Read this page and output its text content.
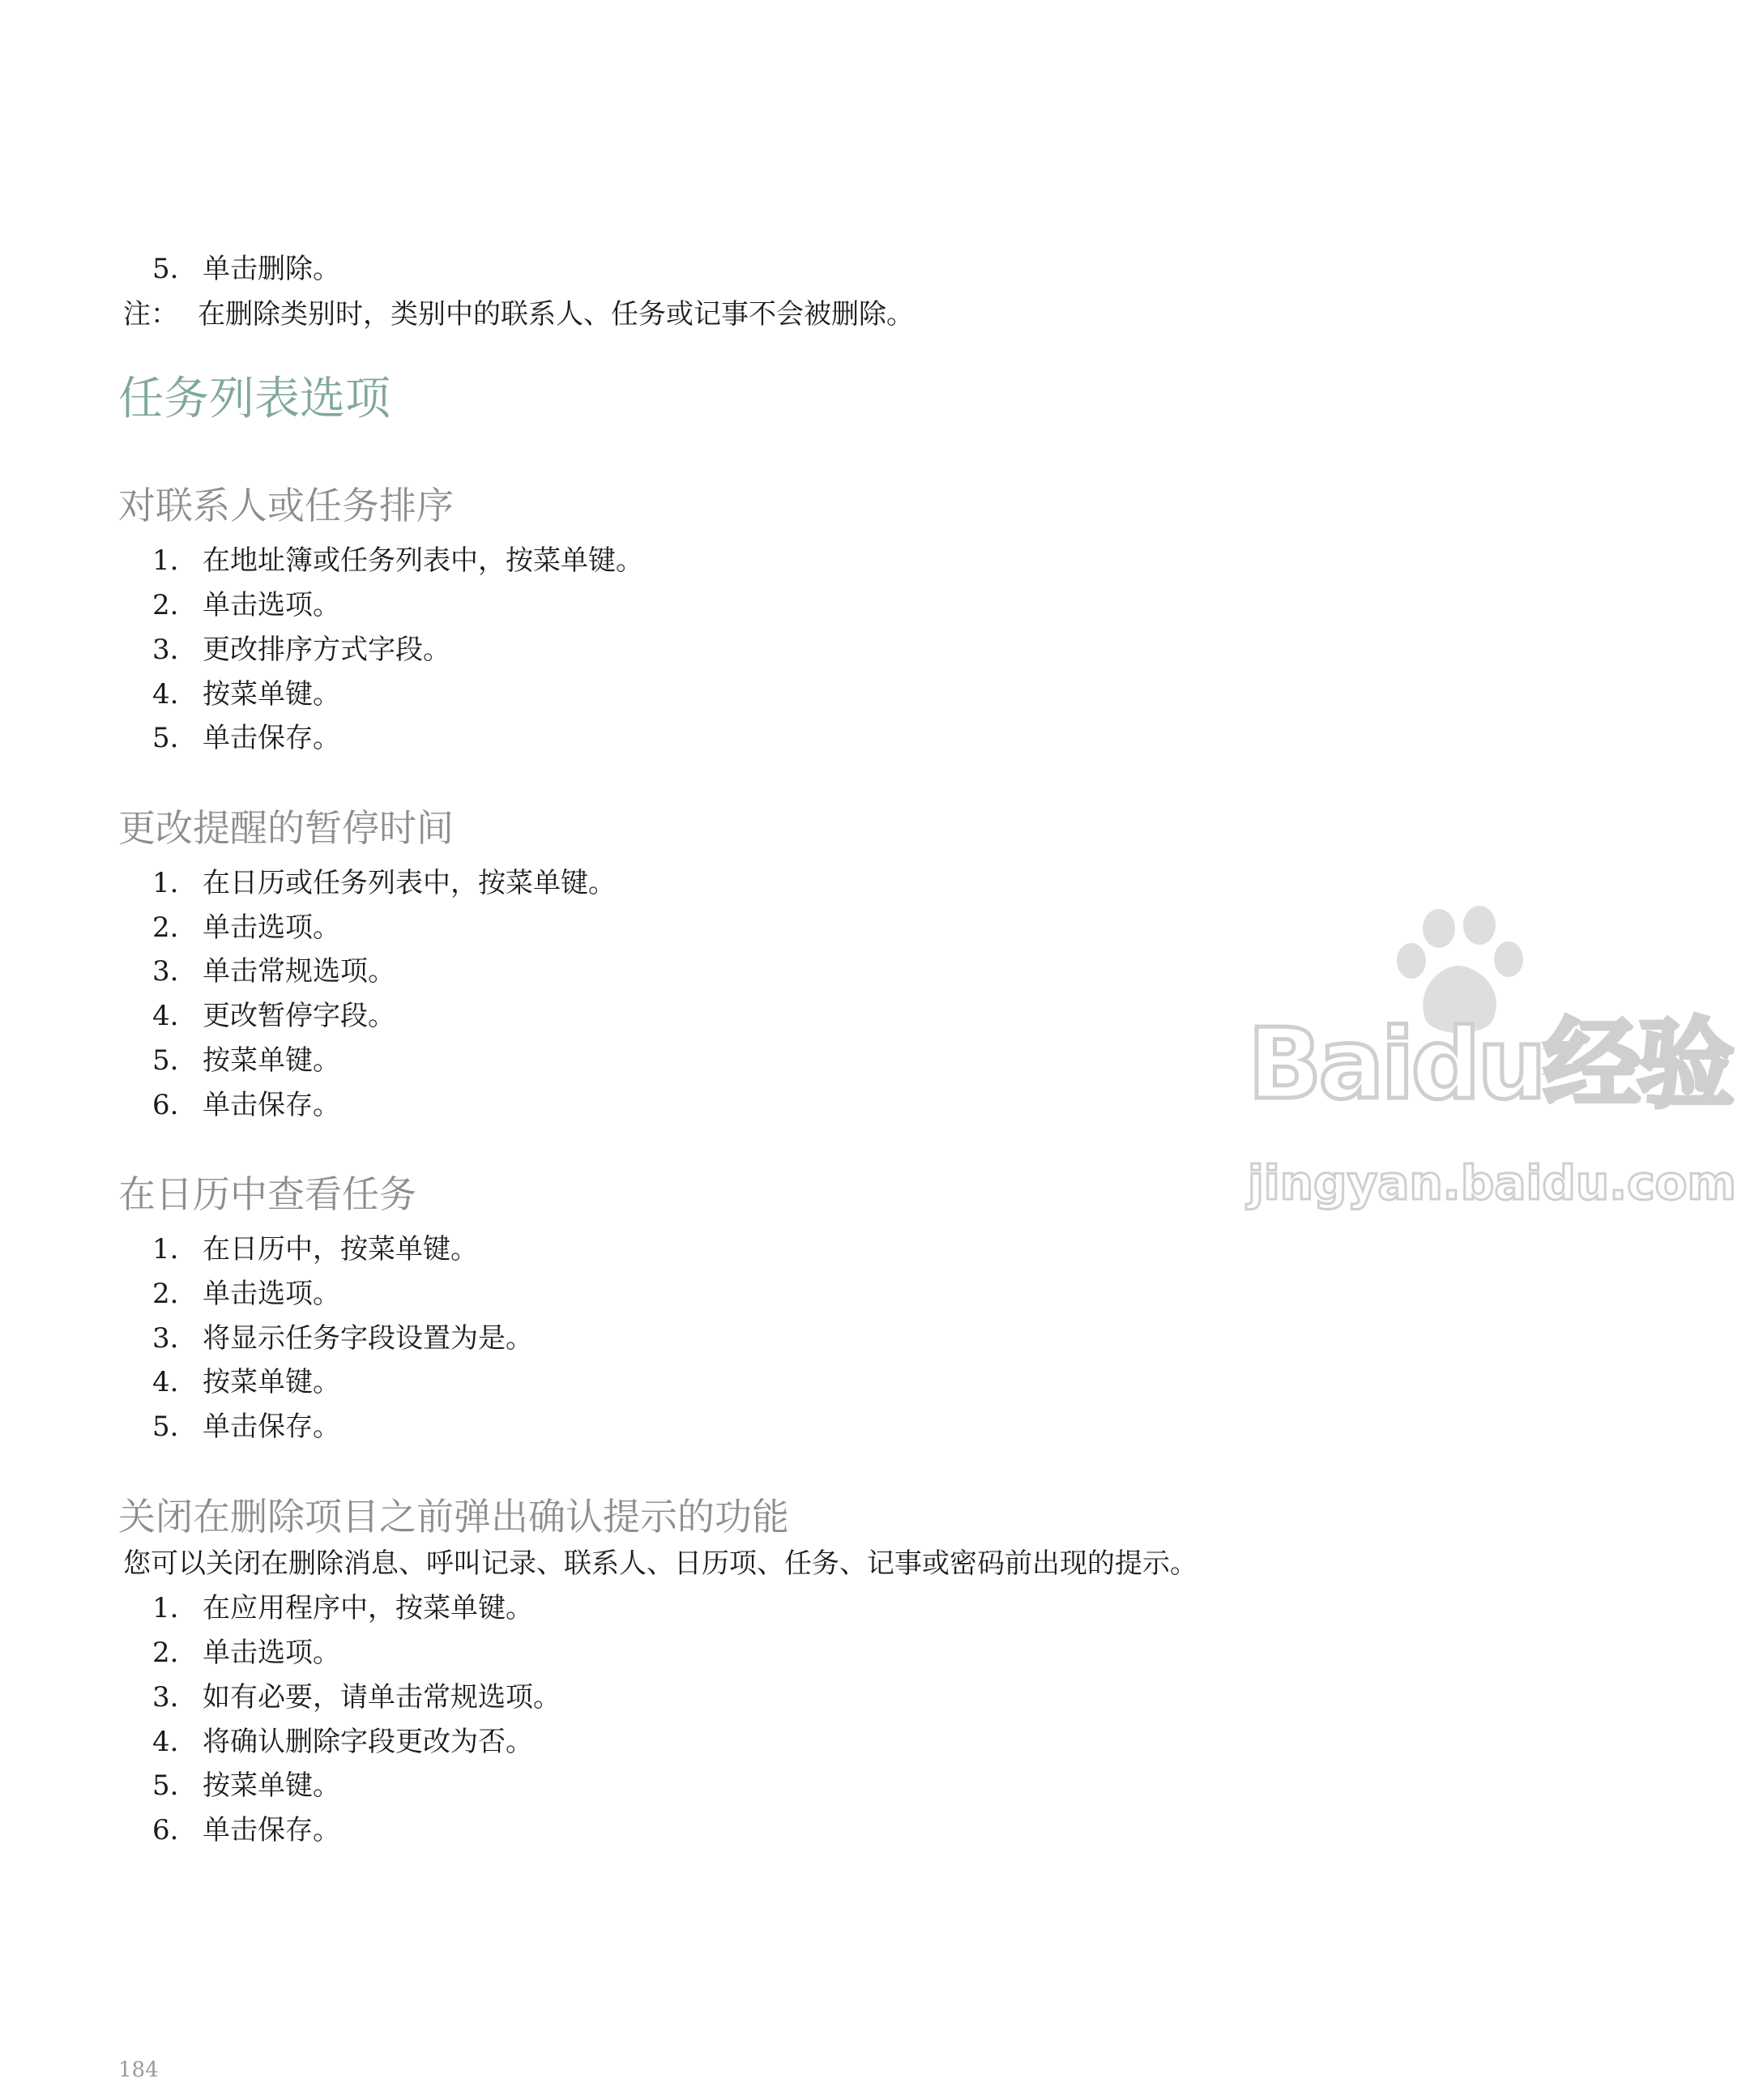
5. 单击删除。
注： 在删除类别时，类别中的联系人、任务或记事不会被删除。
任务列表选项
对联系人或任务排序
1. 在地址簿或任务列表中，按菜单键。
2. 单击选项。
3. 更改排序方式字段。
4. 按菜单键。
5. 单击保存。
更改提醒的暂停时间
1. 在日历或任务列表中，按菜单键。
2. 单击选项。
3. 单击常规选项。
4. 更改暂停字段。
5. 按菜单键。
6. 单击保存。
在日历中查看任务
1. 在日历中，按菜单键。
2. 单击选项。
3. 将显示任务字段设置为是。
4. 按菜单键。
5. 单击保存。
关闭在删除项目之前弹出确认提示的功能
您可以关闭在删除消息、呼叫记录、联系人、日历项、任务、记事或密码前出现的提示。
1. 在应用程序中，按菜单键。
2. 单击选项。
3. 如有必要，请单击常规选项。
4. 将确认删除字段更改为否。
5. 按菜单键。
6. 单击保存。
Baidu经验
jingyan.baidu.com
184
